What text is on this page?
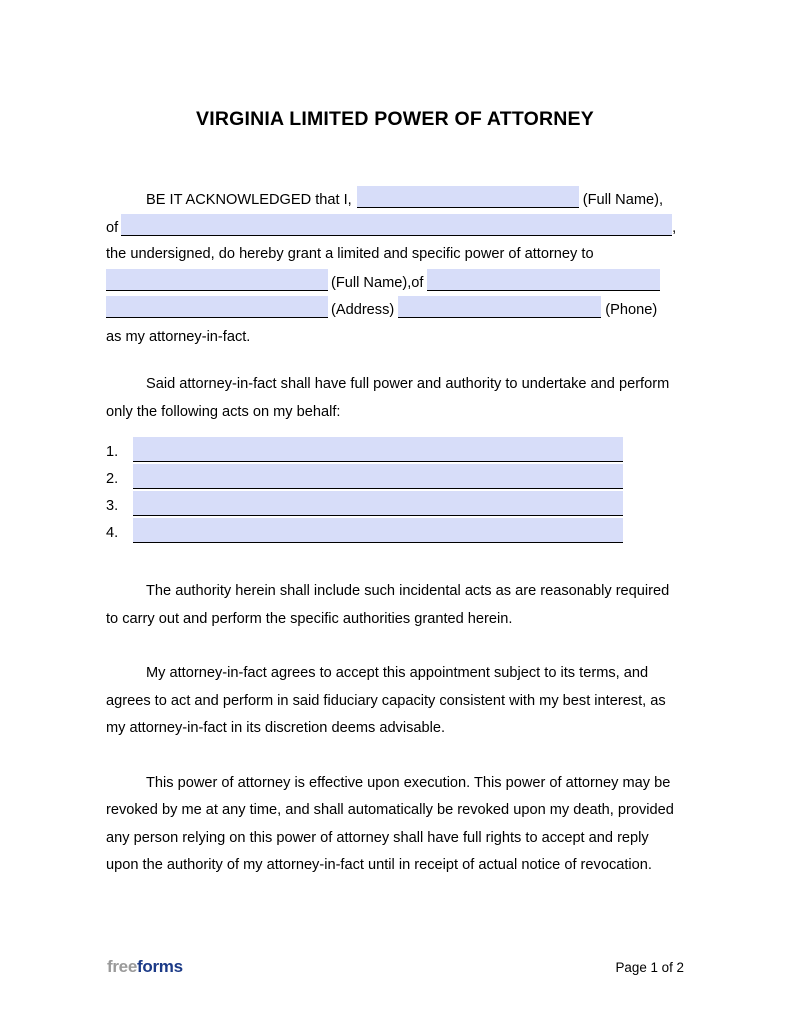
VIRGINIA LIMITED POWER OF ATTORNEY
BE IT ACKNOWLEDGED that I,	(Full Name),
of	,
the undersigned, do hereby grant a limited and specific power of attorney to
(Full Name),of
(Address)	(Phone)
as my attorney-in-fact.

Said attorney-in-fact shall have full power and authority to undertake and perform only the following acts on my behalf:

1.
2.
3.
4.

The authority herein shall include such incidental acts as are reasonably required to carry out and perform the specific authorities granted herein.

My attorney-in-fact agrees to accept this appointment subject to its terms, and agrees to act and perform in said fiduciary capacity consistent with my best interest, as my attorney-in-fact in its discretion deems advisable.

This power of attorney is effective upon execution. This power of attorney may be revoked by me at any time, and shall automatically be revoked upon my death, provided any person relying on this power of attorney shall have full rights to accept and reply upon the authority of my attorney-in-fact until in receipt of actual notice of revocation.

freeforms	Page 1 of 2
